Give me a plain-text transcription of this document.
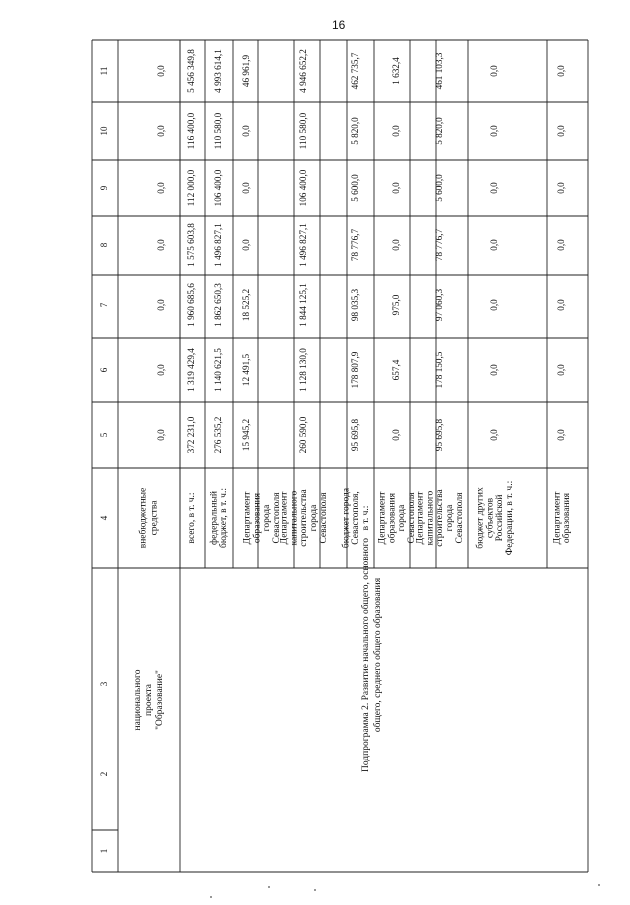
16
1
2
3
4
5
6
7
8
9
10
11
национального проекта "Образование"
внебюджетные средства
0,0
0,0
0,0
0,0
0,0
0,0
0,0
Подпрограмма 2. Развитие начального общего, основного общего, среднего общего образования
всего, в т. ч.:
372 231,0
1 319 429,4
1 960 685,6
1 575 603,8
112 000,0
116 400,0
5 456 349,8
федеральный бюджет, в т. ч.:
276 535,2
1 140 621,5
1 862 650,3
1 496 827,1
106 400,0
110 580,0
4 993 614,1
Департамент образования города Севастополя
15 945,2
12 491,5
18 525,2
0,0
0,0
0,0
46 961,9
Департамент капитального строительства города Севастополя
260 590,0
1 128 130,0
1 844 125,1
1 496 827,1
106 400,0
110 580,0
4 946 652,2
бюджет города Севастополя, в т. ч.:
95 695,8
178 807,9
98 035,3
78 776,7
5 600,0
5 820,0
462 735,7
Департамент образования города Севастополя
0,0
657,4
975,0
0,0
0,0
0,0
1 632,4
Департамент капитального строительства города Севастополя
95 695,8
178 150,5
97 060,3
78 776,7
5 600,0
5 820,0
461 103,3
бюджет других субъектов Российской Федерации, в т. ч.:
0,0
0,0
0,0
0,0
0,0
0,0
0,0
Департамент образования
0,0
0,0
0,0
0,0
0,0
0,0
0,0
